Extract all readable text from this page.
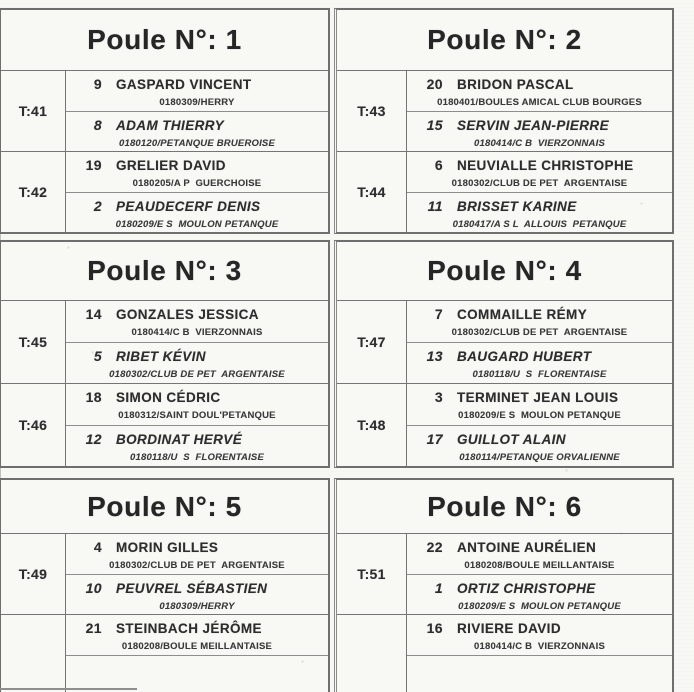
Poule N°: 1
T:41
9 GASPARD VINCENT
0180309/HERRY
8 ADAM THIERRY
0180120/PETANQUE BRUEROISE
T:42
19 GRELIER DAVID
0180205/A P  GUERCHOISE
2 PEAUDECERF DENIS
0180209/E S  MOULON PETANQUE
Poule N°: 2
T:43
20 BRIDON PASCAL
0180401/BOULES AMICAL CLUB BOURGES
15 SERVIN JEAN-PIERRE
0180414/C B  VIERZONNAIS
T:44
6 NEUVIALLE CHRISTOPHE
0180302/CLUB DE PET  ARGENTAISE
11 BRISSET KARINE
0180417/A S L  ALLOUIS  PETANQUE
Poule N°: 3
T:45
14 GONZALES JESSICA
0180414/C B  VIERZONNAIS
5 RIBET KÉVIN
0180302/CLUB DE PET  ARGENTAISE
T:46
18 SIMON CÉDRIC
0180312/SAINT DOUL'PETANQUE
12 BORDINAT HERVÉ
0180118/U  S  FLORENTAISE
Poule N°: 4
T:47
7 COMMAILLE RÉMY
0180302/CLUB DE PET  ARGENTAISE
13 BAUGARD HUBERT
0180118/U  S  FLORENTAISE
T:48
3 TERMINET JEAN LOUIS
0180209/E S  MOULON PETANQUE
17 GUILLOT ALAIN
0180114/PETANQUE ORVALIENNE
Poule N°: 5
T:49
4 MORIN GILLES
0180302/CLUB DE PET  ARGENTAISE
10 PEUVREL SÉBASTIEN
0180309/HERRY
21 STEINBACH JÉRÔME
0180208/BOULE MEILLANTAISE
Poule N°: 6
T:51
22 ANTOINE AURÉLIEN
0180208/BOULE MEILLANTAISE
1 ORTIZ CHRISTOPHE
0180209/E S  MOULON PETANQUE
16 RIVIERE DAVID
0180414/C B  VIERZONNAIS
